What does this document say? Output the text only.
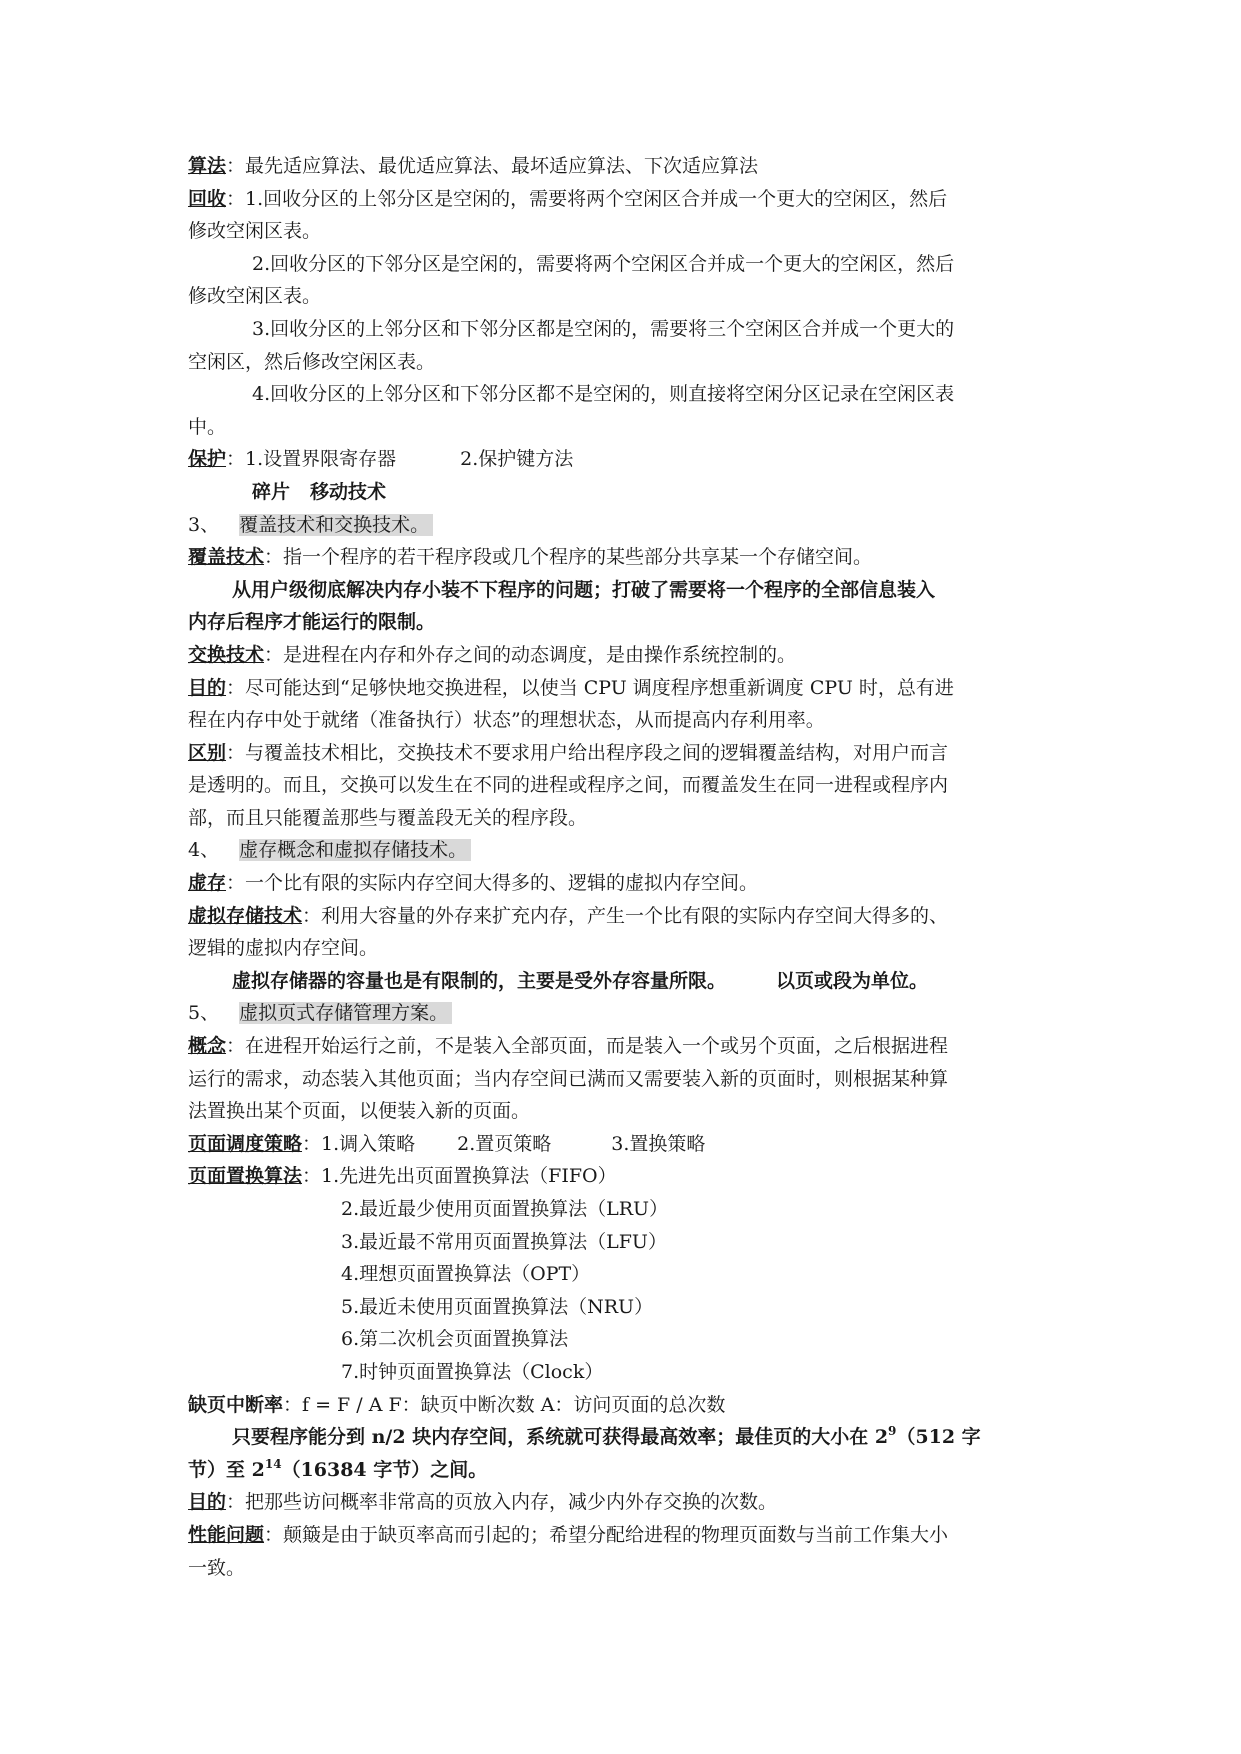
算法：最先适应算法、最优适应算法、最坏适应算法、下次适应算法
回收：1.回收分区的上邻分区是空闲的，需要将两个空闲区合并成一个更大的空闲区，然后
修改空闲区表。
2.回收分区的下邻分区是空闲的，需要将两个空闲区合并成一个更大的空闲区，然后
修改空闲区表。
3.回收分区的上邻分区和下邻分区都是空闲的，需要将三个空闲区合并成一个更大的
空闲区，然后修改空闲区表。
4.回收分区的上邻分区和下邻分区都不是空闲的，则直接将空闲分区记录在空闲区表
中。
保护：1.设置界限寄存器	2.保护键方法
碎片 移动技术
3、 覆盖技术和交换技术。
覆盖技术：指一个程序的若干程序段或几个程序的某些部分共享某一个存储空间。
从用户级彻底解决内存小装不下程序的问题；打破了需要将一个程序的全部信息装入
内存后程序才能运行的限制。
交换技术：是进程在内存和外存之间的动态调度，是由操作系统控制的。
目的：尽可能达到“足够快地交换进程，以使当 CPU 调度程序想重新调度 CPU 时，总有进
程在内存中处于就绪（准备执行）状态”的理想状态，从而提高内存利用率。
区别：与覆盖技术相比，交换技术不要求用户给出程序段之间的逻辑覆盖结构，对用户而言
是透明的。而且，交换可以发生在不同的进程或程序之间，而覆盖发生在同一进程或程序内
部，而且只能覆盖那些与覆盖段无关的程序段。
4、 虚存概念和虚拟存储技术。
虚存：一个比有限的实际内存空间大得多的、逻辑的虚拟内存空间。
虚拟存储技术：利用大容量的外存来扩充内存，产生一个比有限的实际内存空间大得多的、
逻辑的虚拟内存空间。
虚拟存储器的容量也是有限制的，主要是受外存容量所限。	以页或段为单位。
5、 虚拟页式存储管理方案。
概念：在进程开始运行之前，不是装入全部页面，而是装入一个或另个页面，之后根据进程
运行的需求，动态装入其他页面；当内存空间已满而又需要装入新的页面时，则根据某种算
法置换出某个页面，以便装入新的页面。
页面调度策略：1.调入策略 2.置页策略	3.置换策略
页面置换算法：1.先进先出页面置换算法（FIFO）
2.最近最少使用页面置换算法（LRU）
3.最近最不常用页面置换算法（LFU）
4.理想页面置换算法（OPT）
5.最近未使用页面置换算法（NRU）
6.第二次机会页面置换算法
7.时钟页面置换算法（Clock）
缺页中断率：f = F / A F：缺页中断次数 A：访问页面的总次数
只要程序能分到 n/2 块内存空间，系统就可获得最高效率；最佳页的大小在 $2^9(512$ 字
节）至 $2^{14}(16384$ 字节）之间。
目的：把那些访问概率非常高的页放入内存，减少内外存交换的次数。
性能问题：颠簸是由于缺页率高而引起的；希望分配给进程的物理页面数与当前工作集大小
一致。
